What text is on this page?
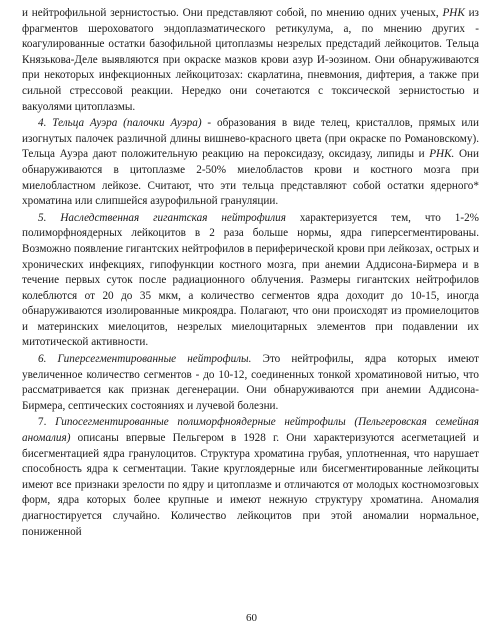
и нейтрофильной зернистостью. Они представляют собой, по мнению одних ученых, РНК из фрагментов шероховатого эндоплазматического ретикулума, а, по мнению других - коагулированные остатки базофильной цитоплазмы незрелых предстадий лейкоцитов. Тельца Князькова-Деле выявляются при окраске мазков крови азур И-эозином. Они обнаруживаются при некоторых инфекционных лейкоцитозах: скарлатина, пневмония, дифтерия, а также при сильной стрессовой реакции. Нередко они сочетаются с токсической зернистостью и вакуолями цитоплазмы.

4. Тельца Ауэра (палочки Ауэра) - образования в виде телец, кристаллов, прямых или изогнутых палочек различной длины вишнево-красного цвета (при окраске по Романовскому). Тельца Ауэра дают положительную реакцию на пероксидазу, оксидазу, липиды и РНК. Они обнаруживаются в цитоплазме 2-50% миелобластов крови и костного мозга при миелобластном лейкозе. Считают, что эти тельца представляют собой остатки ядерного* хроматина или слипшейся азурофильной грануляции.

5. Наследственная гигантская нейтрофилия характеризуется тем, что 1-2% полиморфноядерных лейкоцитов в 2 раза больше нормы, ядра гиперсегментированы. Возможно появление гигантских нейтрофилов в периферической крови при лейкозах, острых и хронических инфекциях, гипофункции костного мозга, при анемии Аддисона-Бирмера и в течение первых суток после радиационного облучения. Размеры гигантских нейтрофилов колеблются от 20 до 35 мкм, а количество сегментов ядра доходит до 10-15, иногда обнаруживаются изолированные микроядра. Полагают, что они происходят из промиелоцитов и материнских миелоцитов, незрелых миелоцитарных элементов при подавлении их митотической активности.

6. Гиперсегментированные нейтрофилы. Это нейтрофилы, ядра которых имеют увеличенное количество сегментов - до 10-12, соединенных тонкой хроматиновой нитью, что рассматривается как признак дегенерации. Они обнаруживаются при анемии Аддисона-Бирмера, септических состояниях и лучевой болезни.

7. Гипосегментированные полиморфноядерные нейтрофилы (Пельгеровская семейная аномалия) описаны впервые Пельгером в 1928 г. Они характеризуются асегметацией и бисегментацией ядра гранулоцитов. Структура хроматина грубая, уплотненная, что нарушает способность ядра к сегментации. Такие круглоядерные или бисегментированные лейкоциты имеют все признаки зрелости по ядру и цитоплазме и отличаются от молодых костномозговых форм, ядра которых более крупные и имеют нежную структуру хроматина. Аномалия диагностируется случайно. Количество лейкоцитов при этой аномалии нормальное, пониженной

60
